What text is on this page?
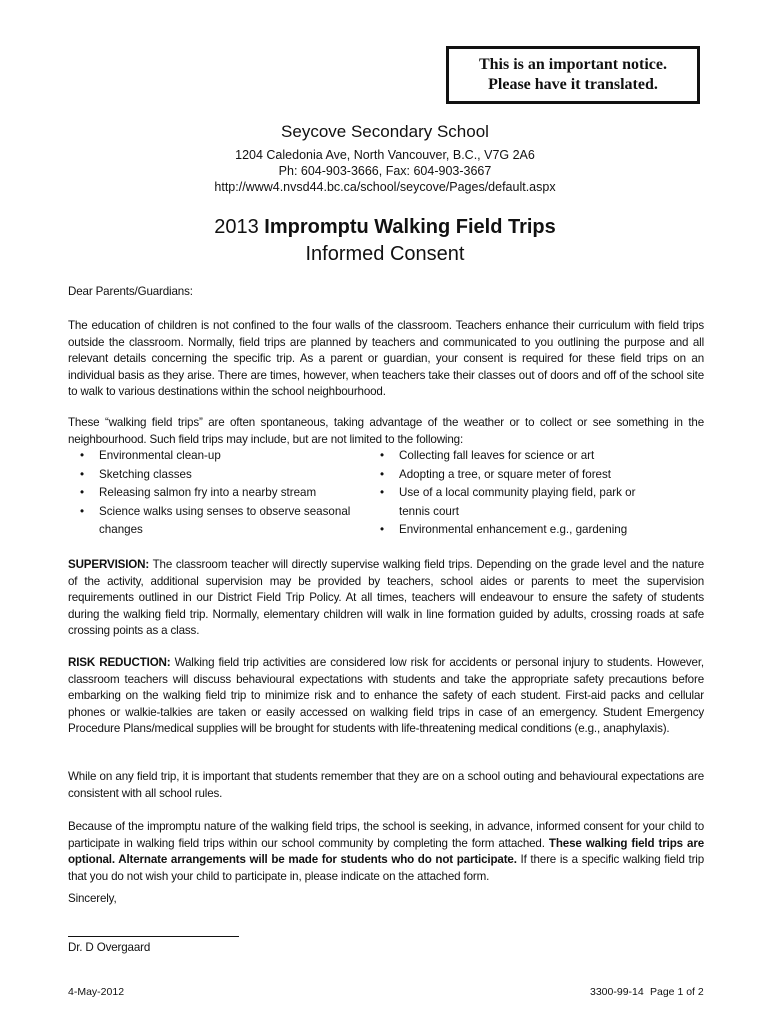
This is an important notice.
Please have it translated.
Seycove Secondary School
1204 Caledonia Ave, North Vancouver, B.C., V7G 2A6
Ph: 604-903-3666, Fax: 604-903-3667
http://www4.nvsd44.bc.ca/school/seycove/Pages/default.aspx
2013 Impromptu Walking Field Trips
Informed Consent
Dear Parents/Guardians:
The education of children is not confined to the four walls of the classroom. Teachers enhance their curriculum with field trips outside the classroom. Normally, field trips are planned by teachers and communicated to you outlining the purpose and all relevant details concerning the specific trip. As a parent or guardian, your consent is required for these field trips on an individual basis as they arise. There are times, however, when teachers take their classes out of doors and off of the school site to walk to various destinations within the school neighbourhood.
These “walking field trips” are often spontaneous, taking advantage of the weather or to collect or see something in the neighbourhood. Such field trips may include, but are not limited to the following:
• Environmental clean-up
• Sketching classes
• Releasing salmon fry into a nearby stream
• Science walks using senses to observe seasonal changes
• Collecting fall leaves for science or art
• Adopting a tree, or square meter of forest
• Use of a local community playing field, park or tennis court
• Environmental enhancement e.g., gardening
SUPERVISION: The classroom teacher will directly supervise walking field trips. Depending on the grade level and the nature of the activity, additional supervision may be provided by teachers, school aides or parents to meet the supervision requirements outlined in our District Field Trip Policy. At all times, teachers will endeavour to ensure the safety of students during the walking field trip. Normally, elementary children will walk in line formation guided by adults, crossing roads at safe crossing points as a class.
RISK REDUCTION: Walking field trip activities are considered low risk for accidents or personal injury to students. However, classroom teachers will discuss behavioural expectations with students and take the appropriate safety precautions before embarking on the walking field trip to minimize risk and to enhance the safety of each student. First-aid packs and cellular phones or walkie-talkies are taken or easily accessed on walking field trips in case of an emergency. Student Emergency Procedure Plans/medical supplies will be brought for students with life-threatening medical conditions (e.g., anaphylaxis).
While on any field trip, it is important that students remember that they are on a school outing and behavioural expectations are consistent with all school rules.
Because of the impromptu nature of the walking field trips, the school is seeking, in advance, informed consent for your child to participate in walking field trips within our school community by completing the form attached. These walking field trips are optional. Alternate arrangements will be made for students who do not participate. If there is a specific walking field trip that you do not wish your child to participate in, please indicate on the attached form.
Sincerely,
Dr. D Overgaard
4-May-2012	3300-99-14 Page 1 of 2
